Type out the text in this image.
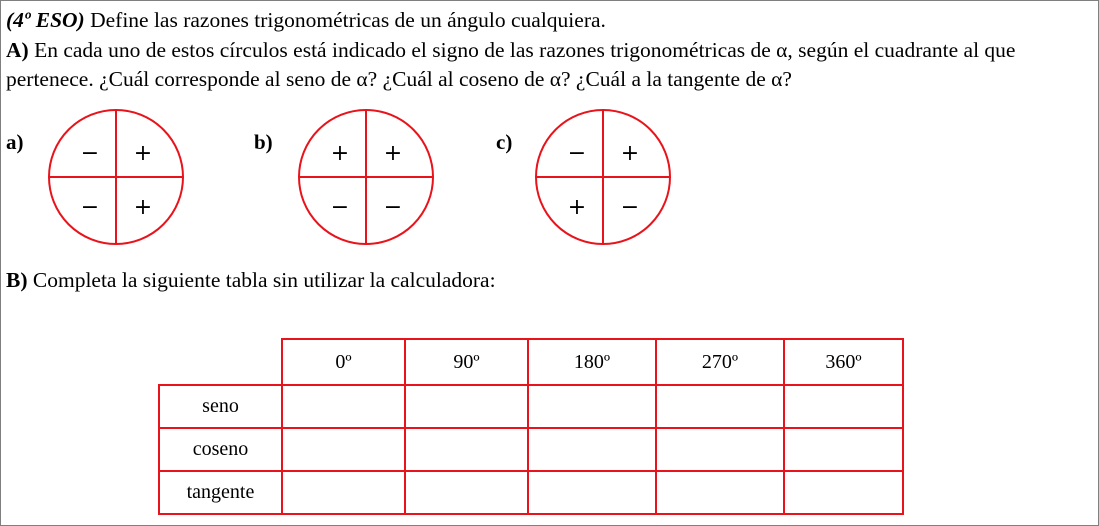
(4º ESO) Define las razones trigonométricas de un ángulo cualquiera.
A) En cada uno de estos círculos está indicado el signo de las razones trigonométricas de α, según el cuadrante al que pertenece. ¿Cuál corresponde al seno de α? ¿Cuál al coseno de α? ¿Cuál a la tangente de α?
a)	− +
− +
b)	+ +
− −
c)	− +
+ −
B) Completa la siguiente tabla sin utilizar la calculadora:
	0º	90º	180º	270º	360º
seno					
coseno					
tangente					
